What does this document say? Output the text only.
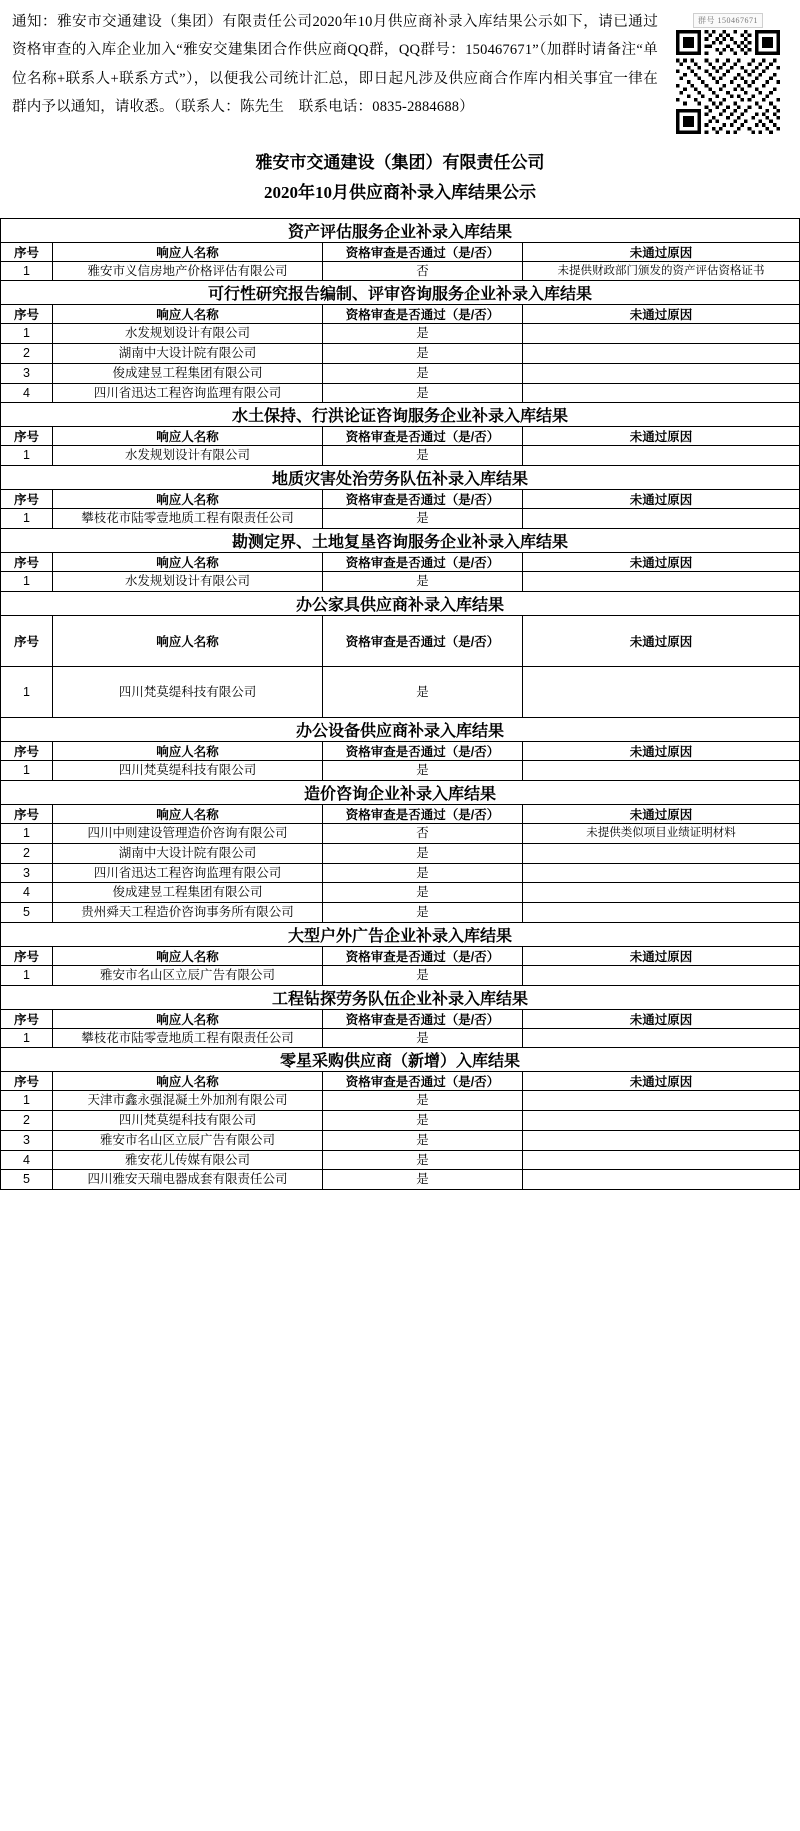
通知：雅安市交通建设（集团）有限责任公司2020年10月供应商补录入库结果公示如下，请已通过资格审查的入库企业加入“雅安交建集团合作供应商QQ群，QQ群号：150467671”（加群时请备注“单位名称+联系人+联系方式”），以便我公司统计汇总，即日起凡涉及供应商合作库内相关事宜一律在群内予以通知，请收悉。（联系人：陈先生　联系电话：0835-2884688）
群号 150467671
雅安市交通建设（集团）有限责任公司
2020年10月供应商补录入库结果公示
资产评估服务企业补录入库结果			
序号	响应人名称	资格审查是否通过（是/否）	未通过原因
1	雅安市义信房地产价格评估有限公司	否	未提供财政部门颁发的资产评估资格证书
可行性研究报告编制、评审咨询服务企业补录入库结果			
序号	响应人名称	资格审查是否通过（是/否）	未通过原因
1	水发规划设计有限公司	是	
2	湖南中大设计院有限公司	是	
3	俊成建昱工程集团有限公司	是	
4	四川省迅达工程咨询监理有限公司	是	
水土保持、行洪论证咨询服务企业补录入库结果			
序号	响应人名称	资格审查是否通过（是/否）	未通过原因
1	水发规划设计有限公司	是	
地质灾害处治劳务队伍补录入库结果			
序号	响应人名称	资格审查是否通过（是/否）	未通过原因
1	攀枝花市陆零壹地质工程有限责任公司	是	
勘测定界、土地复垦咨询服务企业补录入库结果			
序号	响应人名称	资格审查是否通过（是/否）	未通过原因
1	水发规划设计有限公司	是	
办公家具供应商补录入库结果			
序号	响应人名称	资格审查是否通过（是/否）	未通过原因
1	四川梵莫缇科技有限公司	是	
办公设备供应商补录入库结果			
序号	响应人名称	资格审查是否通过（是/否）	未通过原因
1	四川梵莫缇科技有限公司	是	
造价咨询企业补录入库结果			
序号	响应人名称	资格审查是否通过（是/否）	未通过原因
1	四川中则建设管理造价咨询有限公司	否	未提供类似项目业绩证明材料
2	湖南中大设计院有限公司	是	
3	四川省迅达工程咨询监理有限公司	是	
4	俊成建昱工程集团有限公司	是	
5	贵州舜天工程造价咨询事务所有限公司	是	
大型户外广告企业补录入库结果			
序号	响应人名称	资格审查是否通过（是/否）	未通过原因
1	雅安市名山区立辰广告有限公司	是	
工程钻探劳务队伍企业补录入库结果			
序号	响应人名称	资格审查是否通过（是/否）	未通过原因
1	攀枝花市陆零壹地质工程有限责任公司	是	
零星采购供应商（新增）入库结果			
序号	响应人名称	资格审查是否通过（是/否）	未通过原因
1	天津市鑫永强混凝土外加剂有限公司	是	
2	四川梵莫缇科技有限公司	是	
3	雅安市名山区立辰广告有限公司	是	
4	雅安花儿传媒有限公司	是	
5	四川雅安天瑞电器成套有限责任公司	是	
